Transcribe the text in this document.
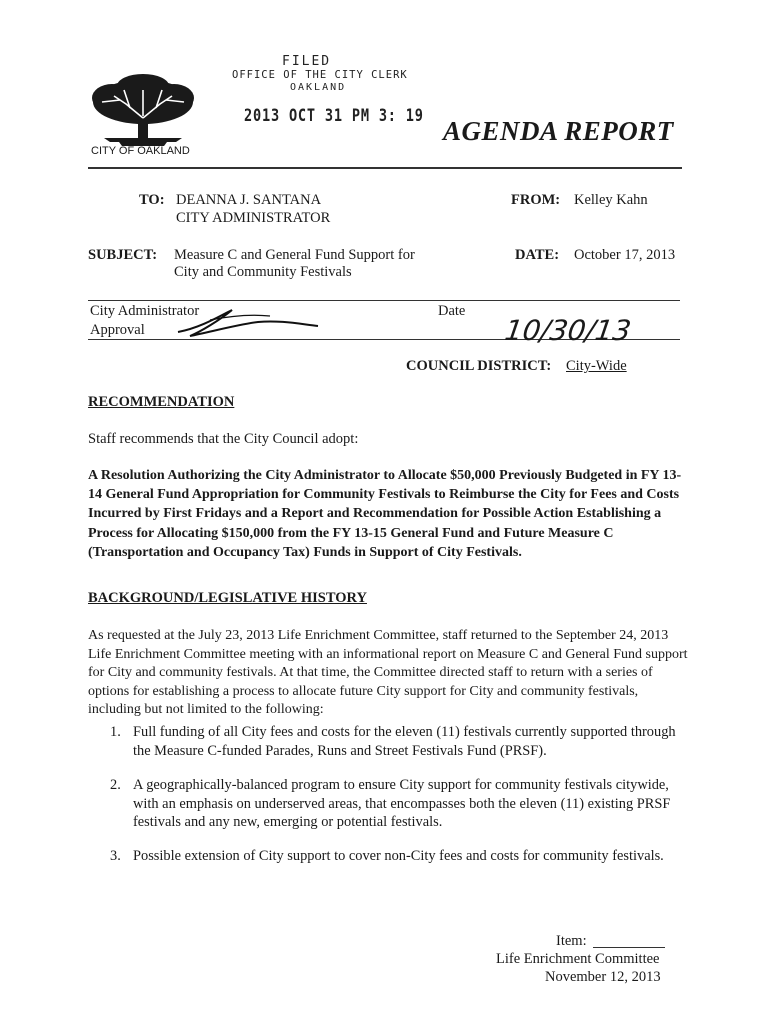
FILED
OFFICE OF THE CITY CLERK
OAKLAND
2013 OCT 31 PM 3: 19
CITY OF OAKLAND
AGENDA REPORT
TO: DEANNA J. SANTANA
CITY ADMINISTRATOR
FROM: Kelley Kahn
SUBJECT: Measure C and General Fund Support for
City and Community Festivals
DATE: October 17, 2013
City Administrator
Approval
Date
10/30/13
COUNCIL DISTRICT: City-Wide
RECOMMENDATION
Staff recommends that the City Council adopt:

A Resolution Authorizing the City Administrator to Allocate $50,000 Previously Budgeted in FY 13-14 General Fund Appropriation for Community Festivals to Reimburse the City for Fees and Costs Incurred by First Fridays and a Report and Recommendation for Possible Action Establishing a Process for Allocating $150,000 from the FY 13-15 General Fund and Future Measure C (Transportation and Occupancy Tax) Funds in Support of City Festivals.

BACKGROUND/LEGISLATIVE HISTORY

As requested at the July 23, 2013 Life Enrichment Committee, staff returned to the September 24, 2013 Life Enrichment Committee meeting with an informational report on Measure C and General Fund support for City and community festivals. At that time, the Committee directed staff to return with a series of options for establishing a process to allocate future City support for City and community festivals, including but not limited to the following:

1. Full funding of all City fees and costs for the eleven (11) festivals currently supported through the Measure C-funded Parades, Runs and Street Festivals Fund (PRSF).
2. A geographically-balanced program to ensure City support for community festivals citywide, with an emphasis on underserved areas, that encompasses both the eleven (11) existing PRSF festivals and any new, emerging or potential festivals.
3. Possible extension of City support to cover non-City fees and costs for community festivals.
Item:
Life Enrichment Committee
November 12, 2013
